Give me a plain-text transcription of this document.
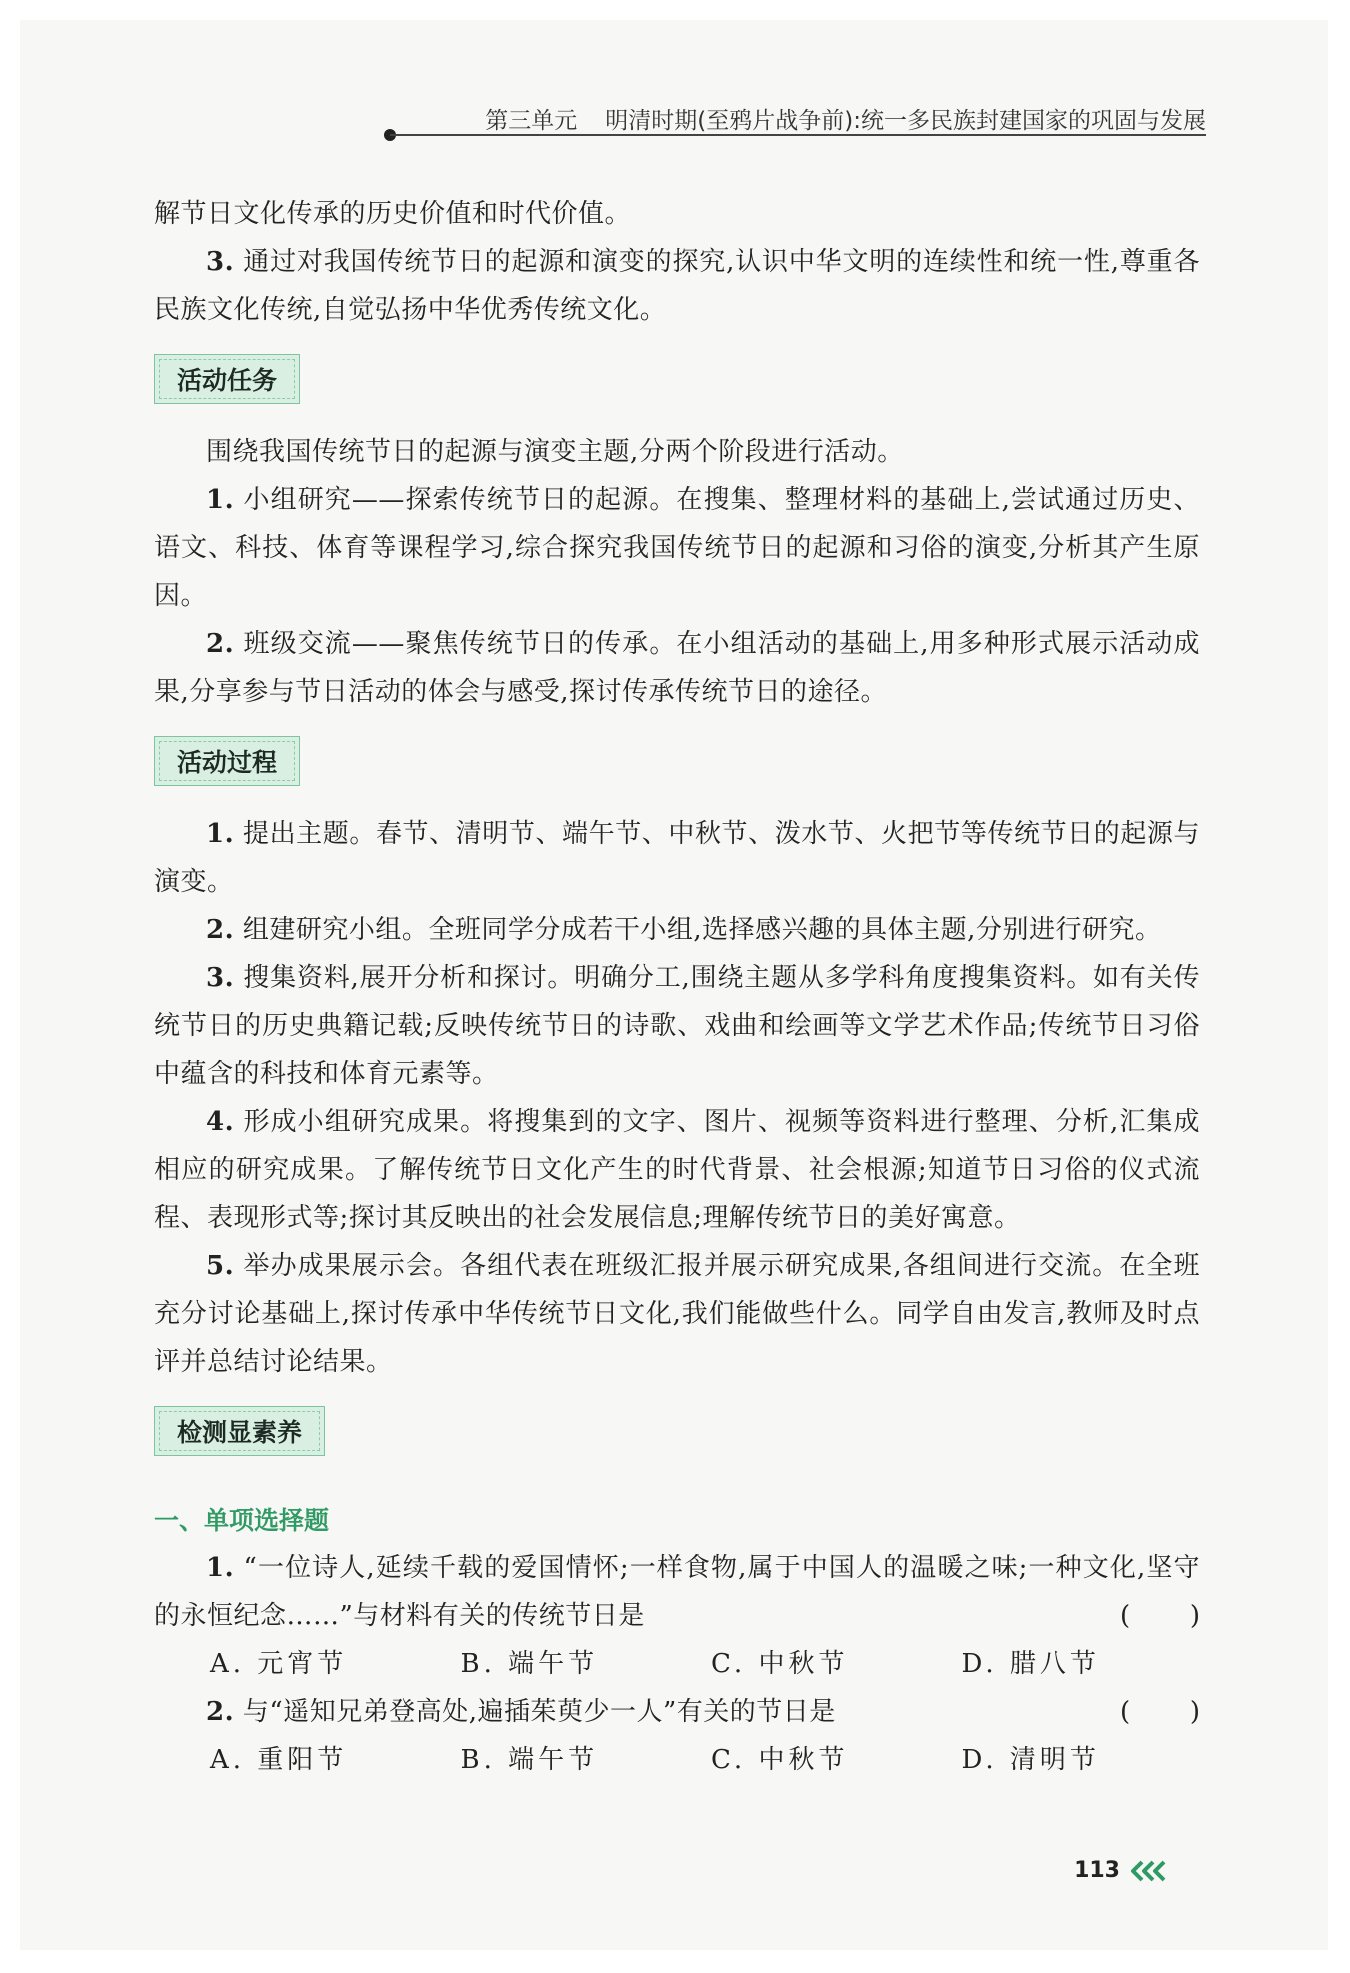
第三单元 明清时期(至鸦片战争前):统一多民族封建国家的巩固与发展

解节日文化传承的历史价值和时代价值。

3. 通过对我国传统节日的起源和演变的探究,认识中华文明的连续性和统一性,尊重各民族文化传统,自觉弘扬中华优秀传统文化。

活动任务

围绕我国传统节日的起源与演变主题,分两个阶段进行活动。

1. 小组研究——探索传统节日的起源。在搜集、整理材料的基础上,尝试通过历史、语文、科技、体育等课程学习,综合探究我国传统节日的起源和习俗的演变,分析其产生原因。

2. 班级交流——聚焦传统节日的传承。在小组活动的基础上,用多种形式展示活动成果,分享参与节日活动的体会与感受,探讨传承传统节日的途径。

活动过程

1. 提出主题。春节、清明节、端午节、中秋节、泼水节、火把节等传统节日的起源与演变。

2. 组建研究小组。全班同学分成若干小组,选择感兴趣的具体主题,分别进行研究。

3. 搜集资料,展开分析和探讨。明确分工,围绕主题从多学科角度搜集资料。如有关传统节日的历史典籍记载;反映传统节日的诗歌、戏曲和绘画等文学艺术作品;传统节日习俗中蕴含的科技和体育元素等。

4. 形成小组研究成果。将搜集到的文字、图片、视频等资料进行整理、分析,汇集成相应的研究成果。了解传统节日文化产生的时代背景、社会根源;知道节日习俗的仪式流程、表现形式等;探讨其反映出的社会发展信息;理解传统节日的美好寓意。

5. 举办成果展示会。各组代表在班级汇报并展示研究成果,各组间进行交流。在全班充分讨论基础上,探讨传承中华传统节日文化,我们能做些什么。同学自由发言,教师及时点评并总结讨论结果。

检测显素养
一、单项选择题

1. “一位诗人,延续千载的爱国情怀;一样食物,属于中国人的温暖之味;一种文化,坚守的永恒纪念……”与材料有关的传统节日是	( )
A. 元宵节	B. 端午节	C. 中秋节	D. 腊八节

2. 与“遥知兄弟登高处,遍插茱萸少一人”有关的节日是	( )
A. 重阳节	B. 端午节	C. 中秋节	D. 清明节
113
